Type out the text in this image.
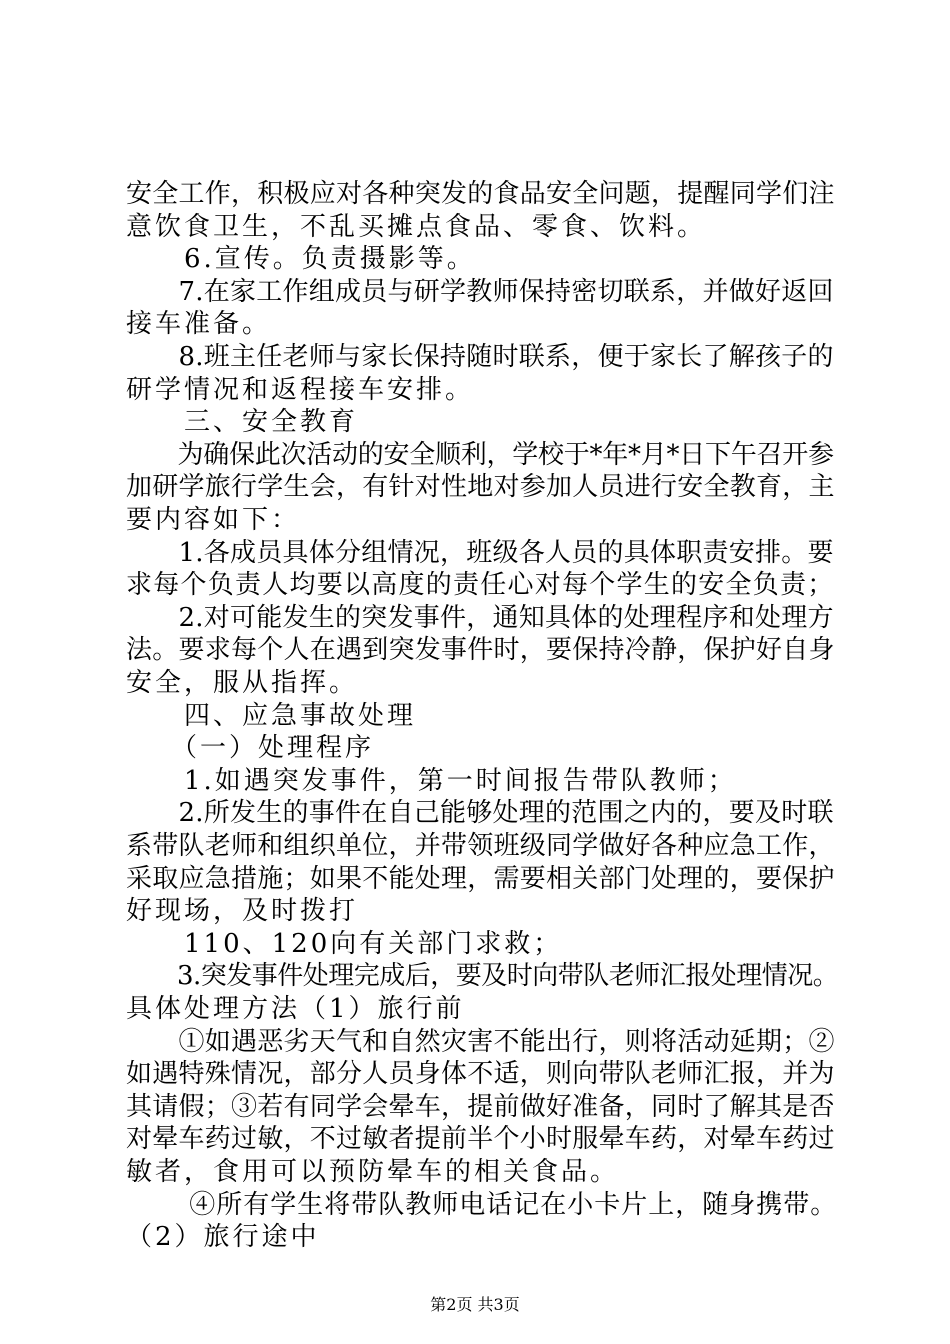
安全工作，积极应对各种突发的食品安全问题，提醒同学们注
意饮食卫生，不乱买摊点食品、零食、饮料。
　　6.宣传。负责摄影等。
　　7.在家工作组成员与研学教师保持密切联系，并做好返回
接车准备。
　　8.班主任老师与家长保持随时联系，便于家长了解孩子的
研学情况和返程接车安排。
　　三、安全教育
　　为确保此次活动的安全顺利，学校于*年*月*日下午召开参
加研学旅行学生会，有针对性地对参加人员进行安全教育，主
要内容如下：
　　1.各成员具体分组情况，班级各人员的具体职责安排。要
求每个负责人均要以高度的责任心对每个学生的安全负责；
　　2.对可能发生的突发事件，通知具体的处理程序和处理方
法。要求每个人在遇到突发事件时，要保持冷静，保护好自身
安全，服从指挥。
　　四、应急事故处理
　　（一）处理程序
　　1.如遇突发事件，第一时间报告带队教师；
　　2.所发生的事件在自己能够处理的范围之内的，要及时联
系带队老师和组织单位，并带领班级同学做好各种应急工作，
采取应急措施；如果不能处理，需要相关部门处理的，要保护
好现场，及时拨打
　　110、120向有关部门求救；
　　3.突发事件处理完成后，要及时向带队老师汇报处理情况。
具体处理方法（1）旅行前
　　①如遇恶劣天气和自然灾害不能出行，则将活动延期；②
如遇特殊情况，部分人员身体不适，则向带队老师汇报，并为
其请假；③若有同学会晕车，提前做好准备，同时了解其是否
对晕车药过敏，不过敏者提前半个小时服晕车药，对晕车药过
敏者，食用可以预防晕车的相关食品。
　　 ④所有学生将带队教师电话记在小卡片上，随身携带。
（2）旅行途中
第2页 共3页
